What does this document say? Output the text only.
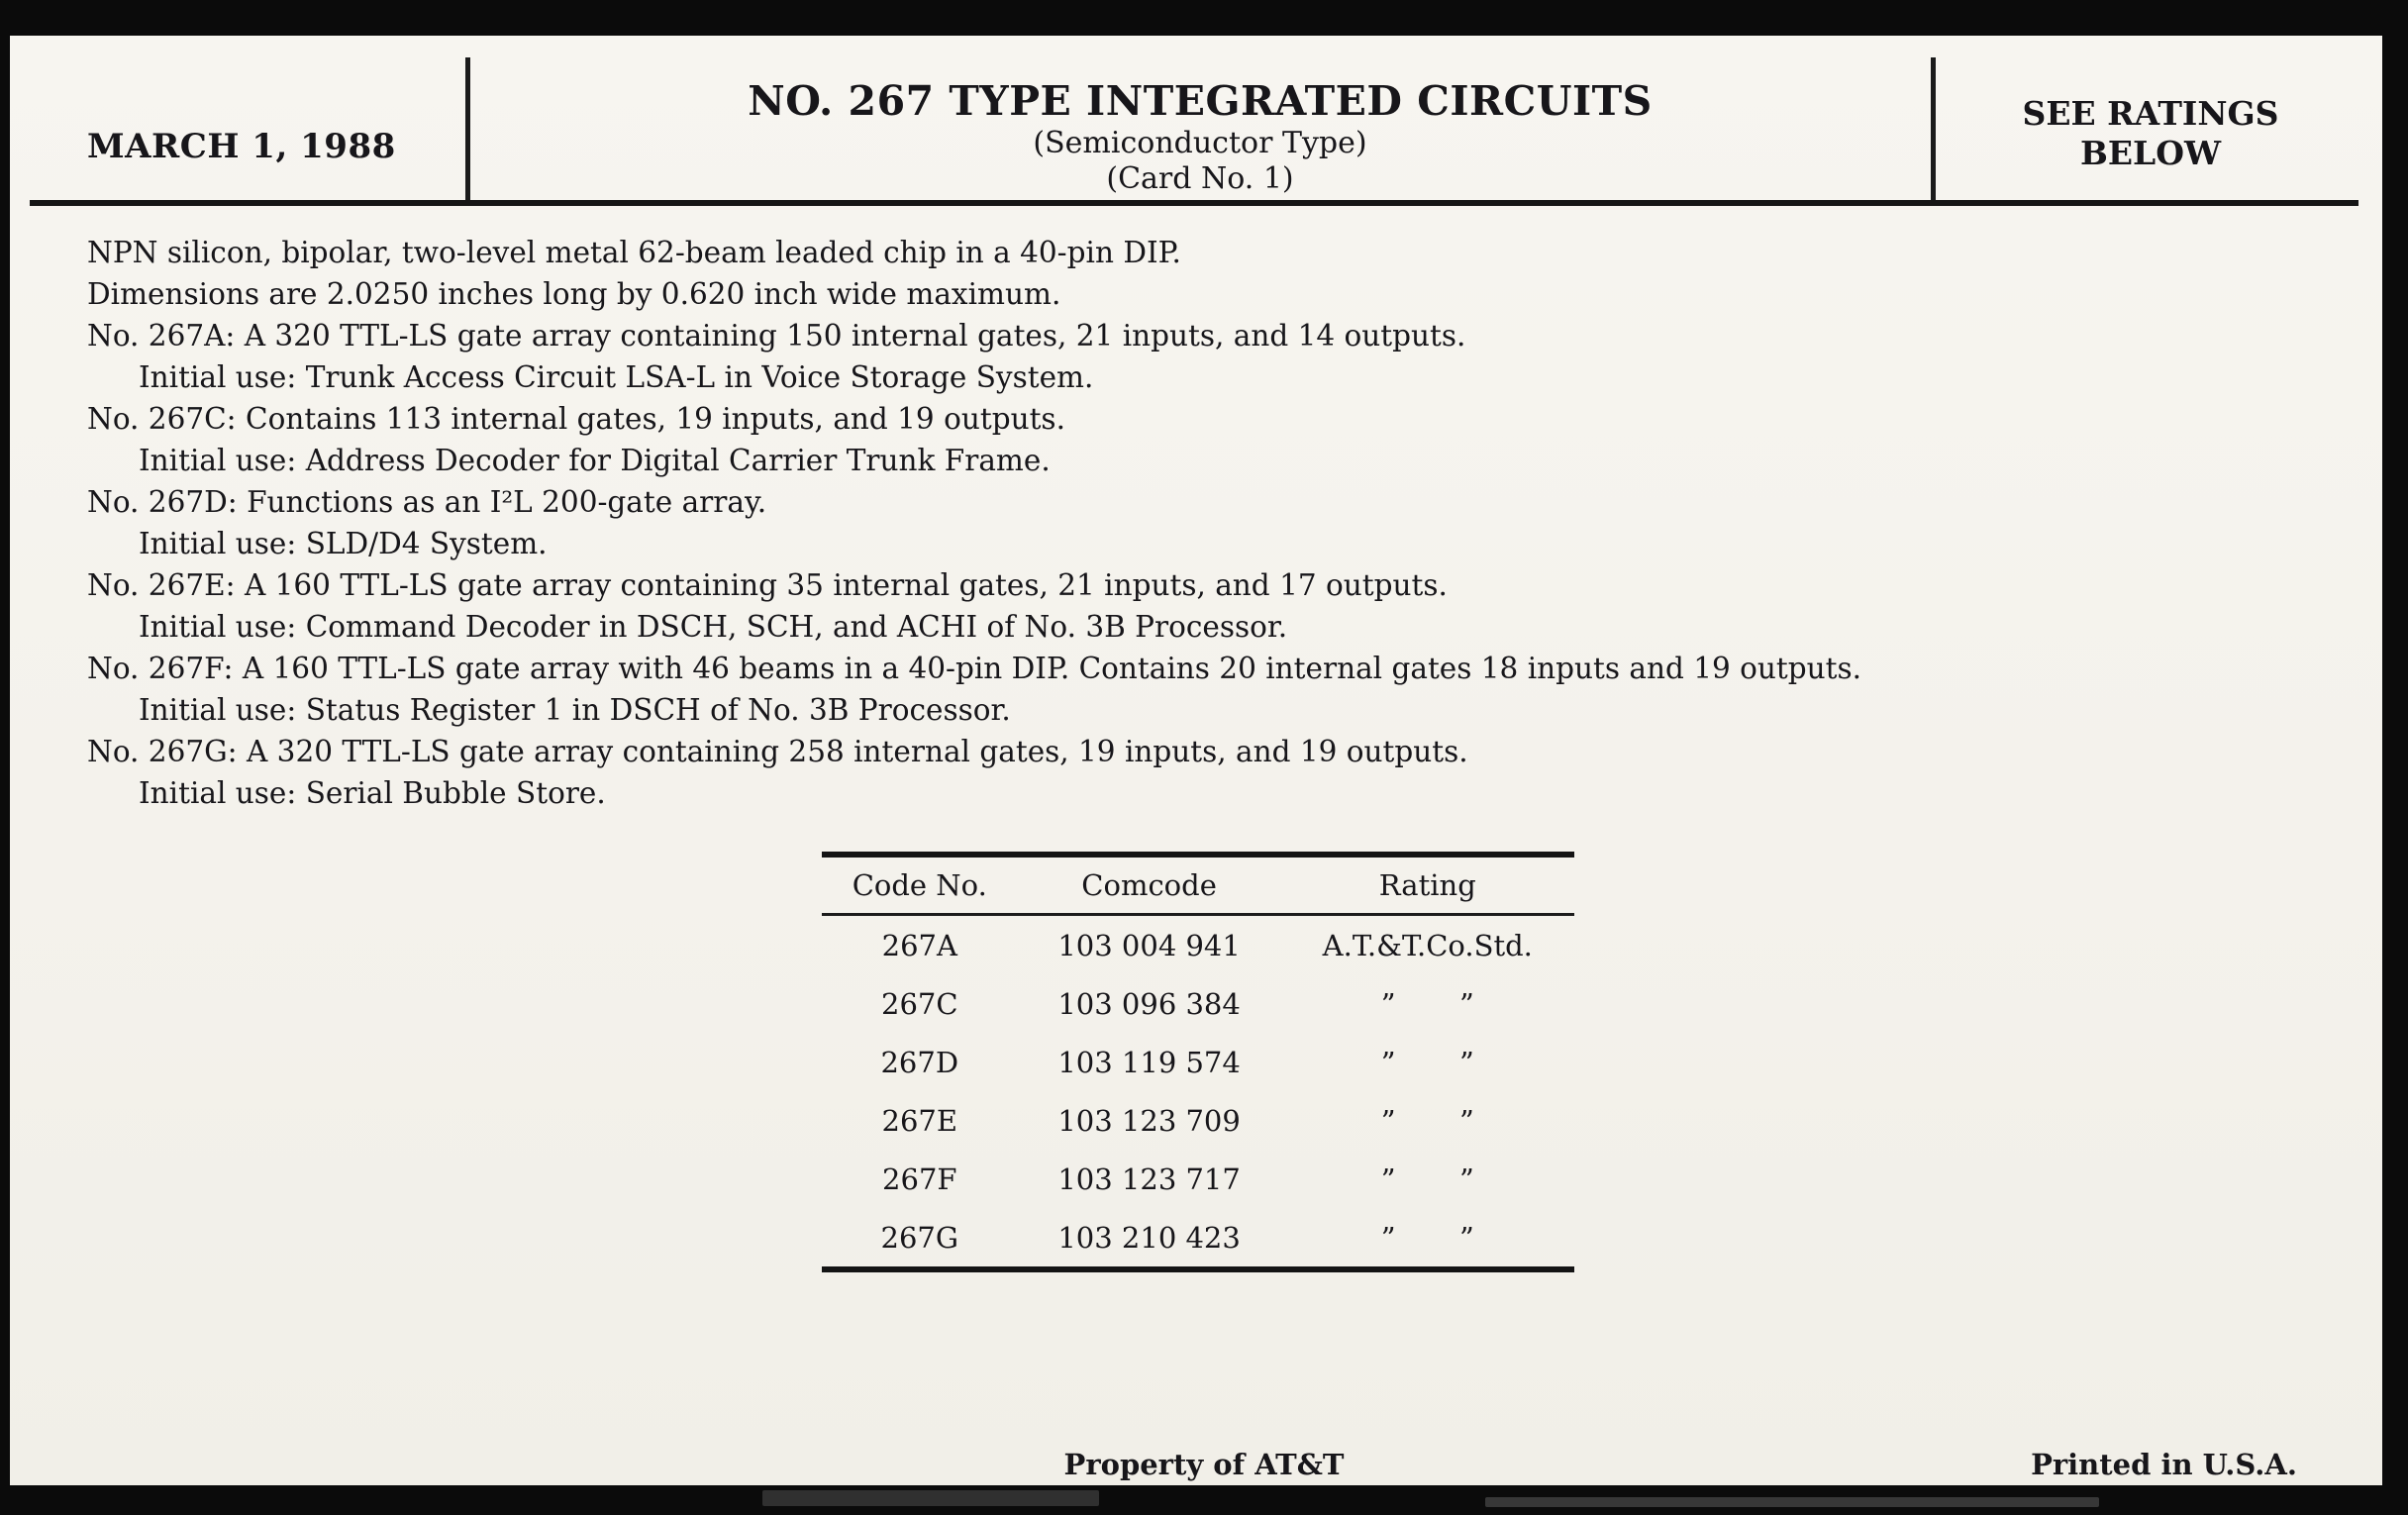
MARCH 1, 1988
NO. 267 TYPE INTEGRATED CIRCUITS
(Semiconductor Type)
(Card No. 1)
SEE RATINGS
BELOW
NPN silicon, bipolar, two-level metal 62-beam leaded chip in a 40-pin DIP.
Dimensions are 2.0250 inches long by 0.620 inch wide maximum.
No. 267A: A 320 TTL-LS gate array containing 150 internal gates, 21 inputs, and 14 outputs.
Initial use: Trunk Access Circuit LSA-L in Voice Storage System.
No. 267C: Contains 113 internal gates, 19 inputs, and 19 outputs.
Initial use: Address Decoder for Digital Carrier Trunk Frame.
No. 267D: Functions as an I²L 200-gate array.
Initial use: SLD/D4 System.
No. 267E: A 160 TTL-LS gate array containing 35 internal gates, 21 inputs, and 17 outputs.
Initial use: Command Decoder in DSCH, SCH, and ACHI of No. 3B Processor.
No. 267F: A 160 TTL-LS gate array with 46 beams in a 40-pin DIP. Contains 20 internal gates 18 inputs and 19 outputs.
Initial use: Status Register 1 in DSCH of No. 3B Processor.
No. 267G: A 320 TTL-LS gate array containing 258 internal gates, 19 inputs, and 19 outputs.
Initial use: Serial Bubble Store.
Code No.	Comcode	Rating
267A	103 004 941	A.T.&T.Co.Std.
267C	103 096 384	”       ”
267D	103 119 574	”       ”
267E	103 123 709	”       ”
267F	103 123 717	”       ”
267G	103 210 423	”       ”
Property of AT&T	Printed in U.S.A.
